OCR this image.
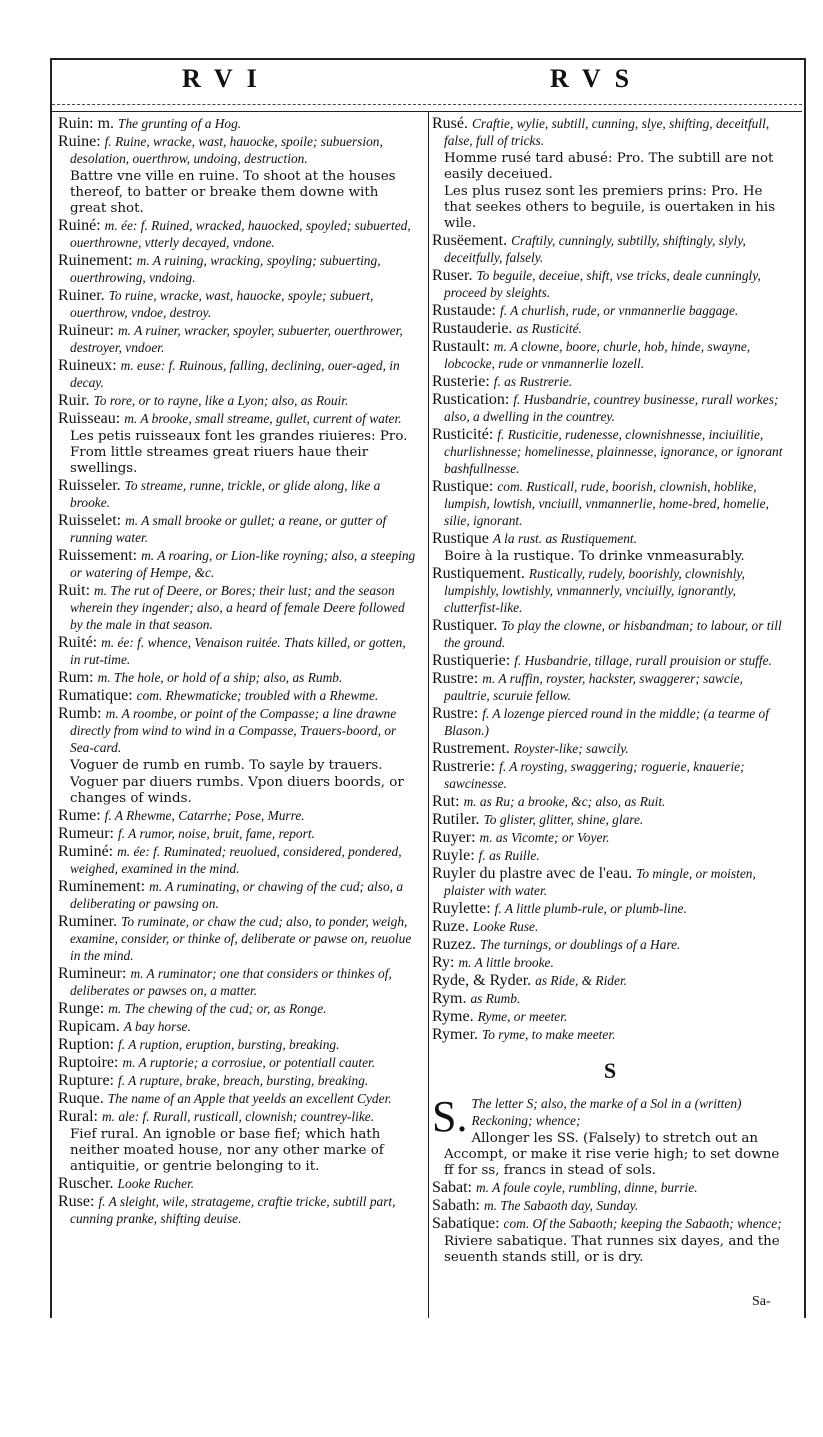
RVI	RVS
Ruin: m. The grunting of a Hog.
Ruine: f. Ruine, wracke, wast, hauocke, spoile; subuersion, desolation, ouerthrow, undoing, destruction.
Battre vne ville en ruine. To shoot at the houses thereof, to batter or breake them downe with great shot.
Ruiné: m. ée: f. Ruined, wracked, hauocked, spoyled; subuerted, ouerthrowne, vtterly decayed, vndone.
Ruinement: m. A ruining, wracking, spoyling; subuerting, ouerthrowing, vndoing.
Ruiner. To ruine, wracke, wast, hauocke, spoyle; subuert, ouerthrow, vndoe, destroy.
Ruineur: m. A ruiner, wracker, spoyler, subuerter, ouerthrower, destroyer, vndoer.
Ruineux: m. euse: f. Ruinous, falling, declining, ouer-aged, in decay.
Ruir. To rore, or to rayne, like a Lyon; also, as Rouir.
Ruisseau: m. A brooke, small streame, gullet, current of water.
Les petis ruisseaux font les grandes riuieres: Pro. From little streames great riuers haue their swellings.
Ruisseler. To streame, runne, trickle, or glide along, like a brooke.
Ruisselet: m. A small brooke or gullet; a reane, or gutter of running water.
Ruissement: m. A roaring, or Lion-like royning; also, a steeping or watering of Hempe, &c.
Ruit: m. The rut of Deere, or Bores; their lust; and the season wherein they ingender; also, a heard of female Deere followed by the male in that season.
Ruité: m. ée: f. whence, Venaison ruitée. Thats killed, or gotten, in rut-time.
Rum: m. The hole, or hold of a ship; also, as Rumb.
Rumatique: com. Rhewmaticke; troubled with a Rhewme.
Rumb: m. A roombe, or point of the Compasse; a line drawne directly from wind to wind in a Compasse, Trauers-boord, or Sea-card.
Voguer de rumb en rumb. To sayle by trauers.
Voguer par diuers rumbs. Vpon diuers boords, or changes of winds.
Rume: f. A Rhewme, Catarrhe; Pose, Murre.
Rumeur: f. A rumor, noise, bruit, fame, report.
Ruminé: m. ée: f. Ruminated; reuolued, considered, pondered, weighed, examined in the mind.
Ruminement: m. A ruminating, or chawing of the cud; also, a deliberating or pawsing on.
Ruminer. To ruminate, or chaw the cud; also, to ponder, weigh, examine, consider, or thinke of, deliberate or pawse on, reuolue in the mind.
Rumineur: m. A ruminator; one that considers or thinkes of, deliberates or pawses on, a matter.
Runge: m. The chewing of the cud; or, as Ronge.
Rupicam. A bay horse.
Ruption: f. A ruption, eruption, bursting, breaking.
Ruptoire: m. A ruptorie; a corrosiue, or potentiall cauter.
Rupture: f. A rupture, brake, breach, bursting, breaking.
Ruque. The name of an Apple that yeelds an excellent Cyder.
Rural: m. ale: f. Rurall, rusticall, clownish; countrey-like.
Fief rural. An ignoble or base fief; which hath neither moated house, nor any other marke of antiquitie, or gentrie belonging to it.
Ruscher. Looke Rucher.
Ruse: f. A sleight, wile, stratageme, craftie tricke, subtill part, cunning pranke, shifting deuise.
Rusé. Craftie, wylie, subtill, cunning, slye, shifting, deceitfull, false, full of tricks.
Homme rusé tard abusé: Pro. The subtill are not easily deceiued.
Les plus rusez sont les premiers prins: Pro. He that seekes others to beguile, is ouertaken in his wile.
Rusëement. Craftily, cunningly, subtilly, shiftingly, slyly, deceitfully, falsely.
Ruser. To beguile, deceiue, shift, vse tricks, deale cunningly, proceed by sleights.
Rustaude: f. A churlish, rude, or vnmannerlie baggage.
Rustauderie. as Rusticité.
Rustault: m. A clowne, boore, churle, hob, hinde, swayne, lobcocke, rude or vnmannerlie lozell.
Rusterie: f. as Rustrerie.
Rustication: f. Husbandrie, countrey businesse, rurall workes; also, a dwelling in the countrey.
Rusticité: f. Rusticitie, rudenesse, clownishnesse, inciuilitie, churlishnesse; homelinesse, plainnesse, ignorance, or ignorant bashfullnesse.
Rustique: com. Rusticall, rude, boorish, clownish, hoblike, lumpish, lowtish, vnciuill, vnmannerlie, home-bred, homelie, silie, ignorant.
Rustique A la rust. as Rustiquement.
Boire à la rustique. To drinke vnmeasurably.
Rustiquement. Rustically, rudely, boorishly, clownishly, lumpishly, lowtishly, vnmannerly, vnciuilly, ignorantly, clutterfist-like.
Rustiquer. To play the clowne, or hisbandman; to labour, or till the ground.
Rustiquerie: f. Husbandrie, tillage, rurall prouision or stuffe.
Rustre: m. A ruffin, royster, hackster, swaggerer; sawcie, paultrie, scuruie fellow.
Rustre: f. A lozenge pierced round in the middle; (a tearme of Blason.)
Rustrement. Royster-like; sawcily.
Rustrerie: f. A roysting, swaggering; roguerie, knauerie; sawcinesse.
Rut: m. as Ru; a brooke, &c; also, as Ruit.
Rutiler. To glister, glitter, shine, glare.
Ruyer: m. as Vicomte; or Voyer.
Ruyle: f. as Ruille.
Ruyler du plastre avec de l'eau. To mingle, or moisten, plaister with water.
Ruylette: f. A little plumb-rule, or plumb-line.
Ruze. Looke Ruse.
Ruzez. The turnings, or doublings of a Hare.
Ry: m. A little brooke.
Ryde, & Ryder. as Ride, & Rider.
Rym. as Rumb.
Ryme. Ryme, or meeter.
Rymer. To ryme, to make meeter.
S
S. The letter S; also, the marke of a Sol in a (written) Reckoning; whence;
Allonger les SS. (Falsely) to stretch out an Accompt, or make it rise verie high; to set downe ff for ss, francs in stead of sols.
Sabat: m. A foule coyle, rumbling, dinne, burrie.
Sabath: m. The Sabaoth day, Sunday.
Sabatique: com. Of the Sabaoth; keeping the Sabaoth; whence;
Riviere sabatique. That runnes six dayes, and the seuenth stands still, or is dry.
Sa-
